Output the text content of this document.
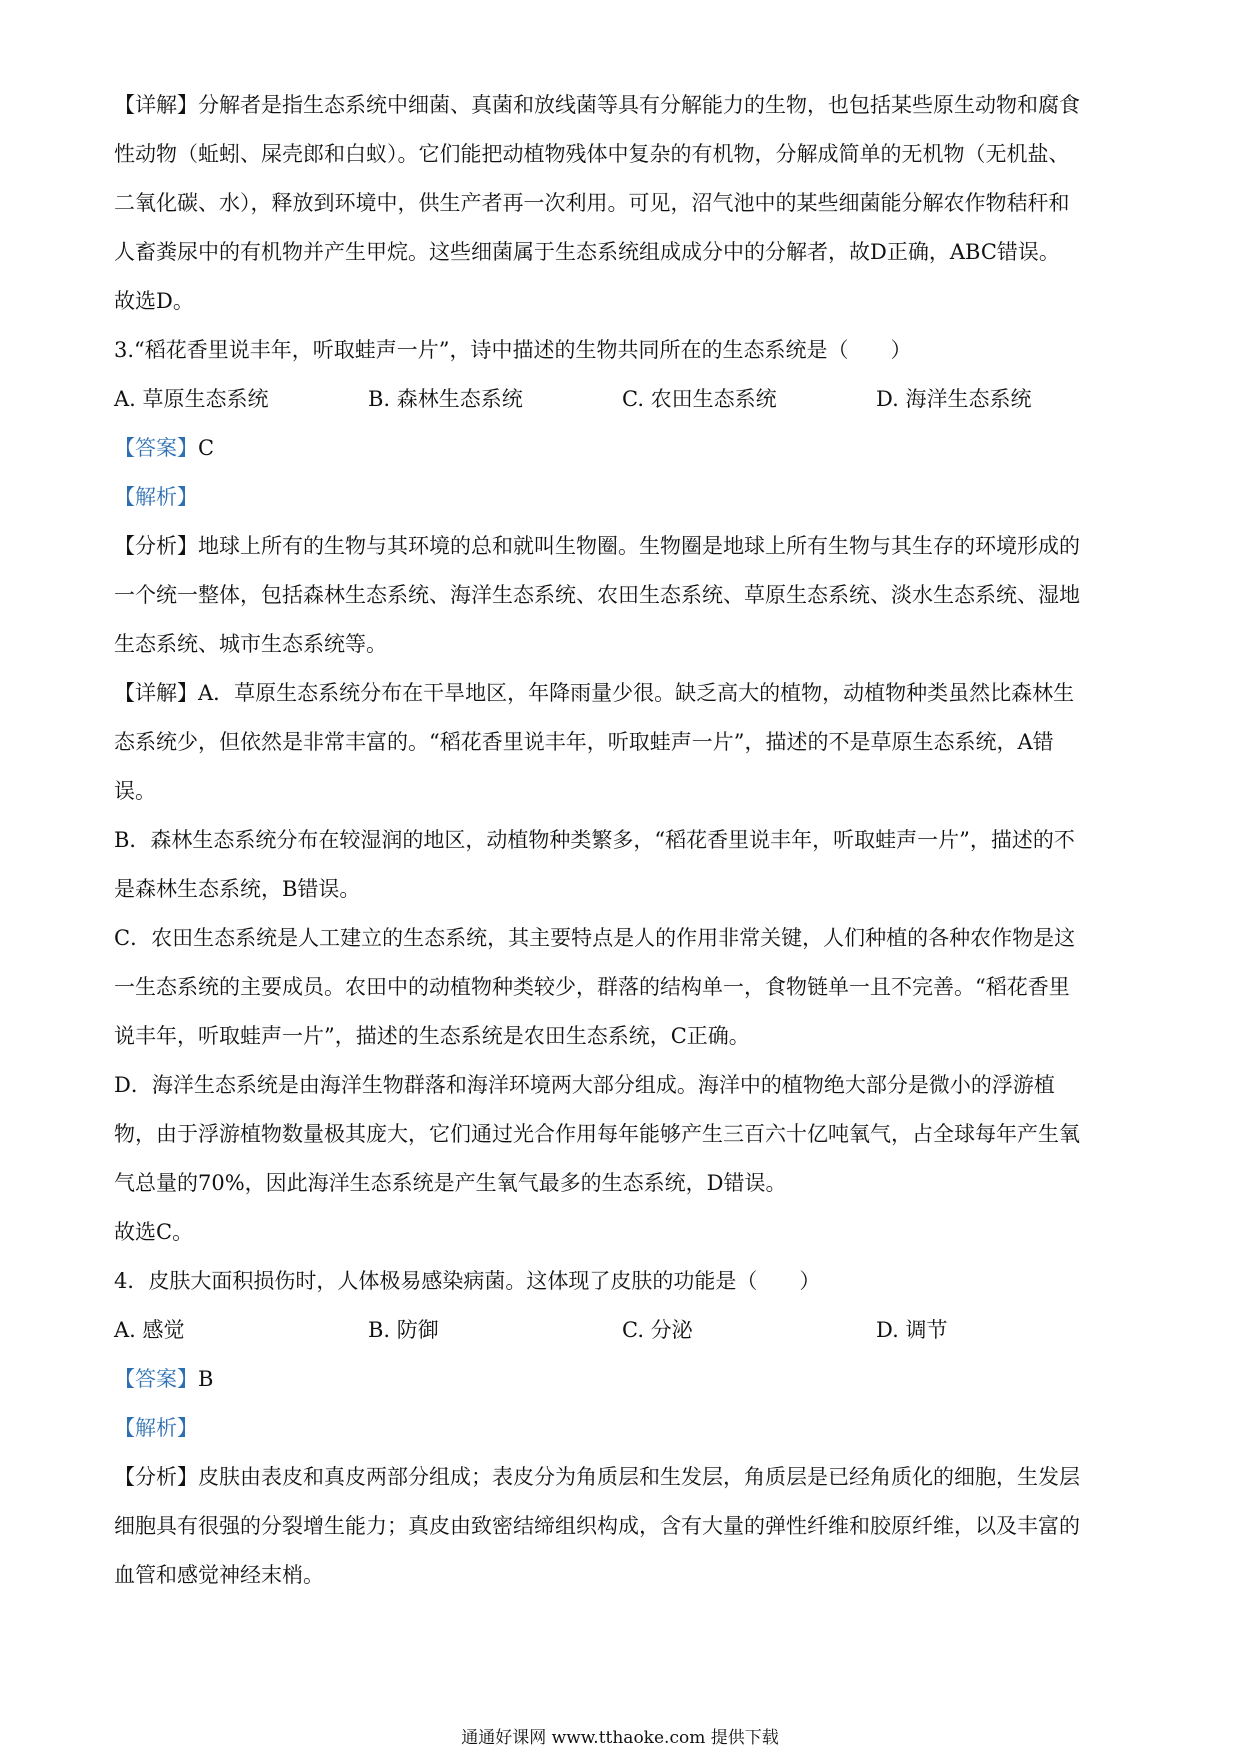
【详解】分解者是指生态系统中细菌、真菌和放线菌等具有分解能力的生物，也包括某些原生动物和腐食
性动物（蚯蚓、屎壳郎和白蚁）。它们能把动植物残体中复杂的有机物，分解成简单的无机物（无机盐、
二氧化碳、水），释放到环境中，供生产者再一次利用。可见，沼气池中的某些细菌能分解农作物秸秆和
人畜粪尿中的有机物并产生甲烷。这些细菌属于生态系统组成成分中的分解者，故D正确，ABC错误。
故选D。
3.“稻花香里说丰年，听取蛙声一片”，诗中描述的生物共同所在的生态系统是（　　）
A. 草原生态系统	B. 森林生态系统	C. 农田生态系统	D. 海洋生态系统
【答案】C
【解析】
【分析】地球上所有的生物与其环境的总和就叫生物圈。生物圈是地球上所有生物与其生存的环境形成的
一个统一整体，包括森林生态系统、海洋生态系统、农田生态系统、草原生态系统、淡水生态系统、湿地
生态系统、城市生态系统等。
【详解】A．草原生态系统分布在干旱地区，年降雨量少很。缺乏高大的植物，动植物种类虽然比森林生
态系统少，但依然是非常丰富的。“稻花香里说丰年，听取蛙声一片”，描述的不是草原生态系统，A错
误。
B．森林生态系统分布在较湿润的地区，动植物种类繁多，“稻花香里说丰年，听取蛙声一片”，描述的不
是森林生态系统，B错误。
C．农田生态系统是人工建立的生态系统，其主要特点是人的作用非常关键，人们种植的各种农作物是这
一生态系统的主要成员。农田中的动植物种类较少，群落的结构单一，食物链单一且不完善。“稻花香里
说丰年，听取蛙声一片”，描述的生态系统是农田生态系统，C正确。
D．海洋生态系统是由海洋生物群落和海洋环境两大部分组成。海洋中的植物绝大部分是微小的浮游植
物，由于浮游植物数量极其庞大，它们通过光合作用每年能够产生三百六十亿吨氧气，占全球每年产生氧
气总量的70%，因此海洋生态系统是产生氧气最多的生态系统，D错误。
故选C。
4．皮肤大面积损伤时，人体极易感染病菌。这体现了皮肤的功能是（　　）
A. 感觉	B. 防御	C. 分泌	D. 调节
【答案】B
【解析】
【分析】皮肤由表皮和真皮两部分组成；表皮分为角质层和生发层，角质层是已经角质化的细胞，生发层
细胞具有很强的分裂增生能力；真皮由致密结缔组织构成，含有大量的弹性纤维和胶原纤维，以及丰富的
血管和感觉神经末梢。
通通好课网 www.tthaoke.com 提供下载
